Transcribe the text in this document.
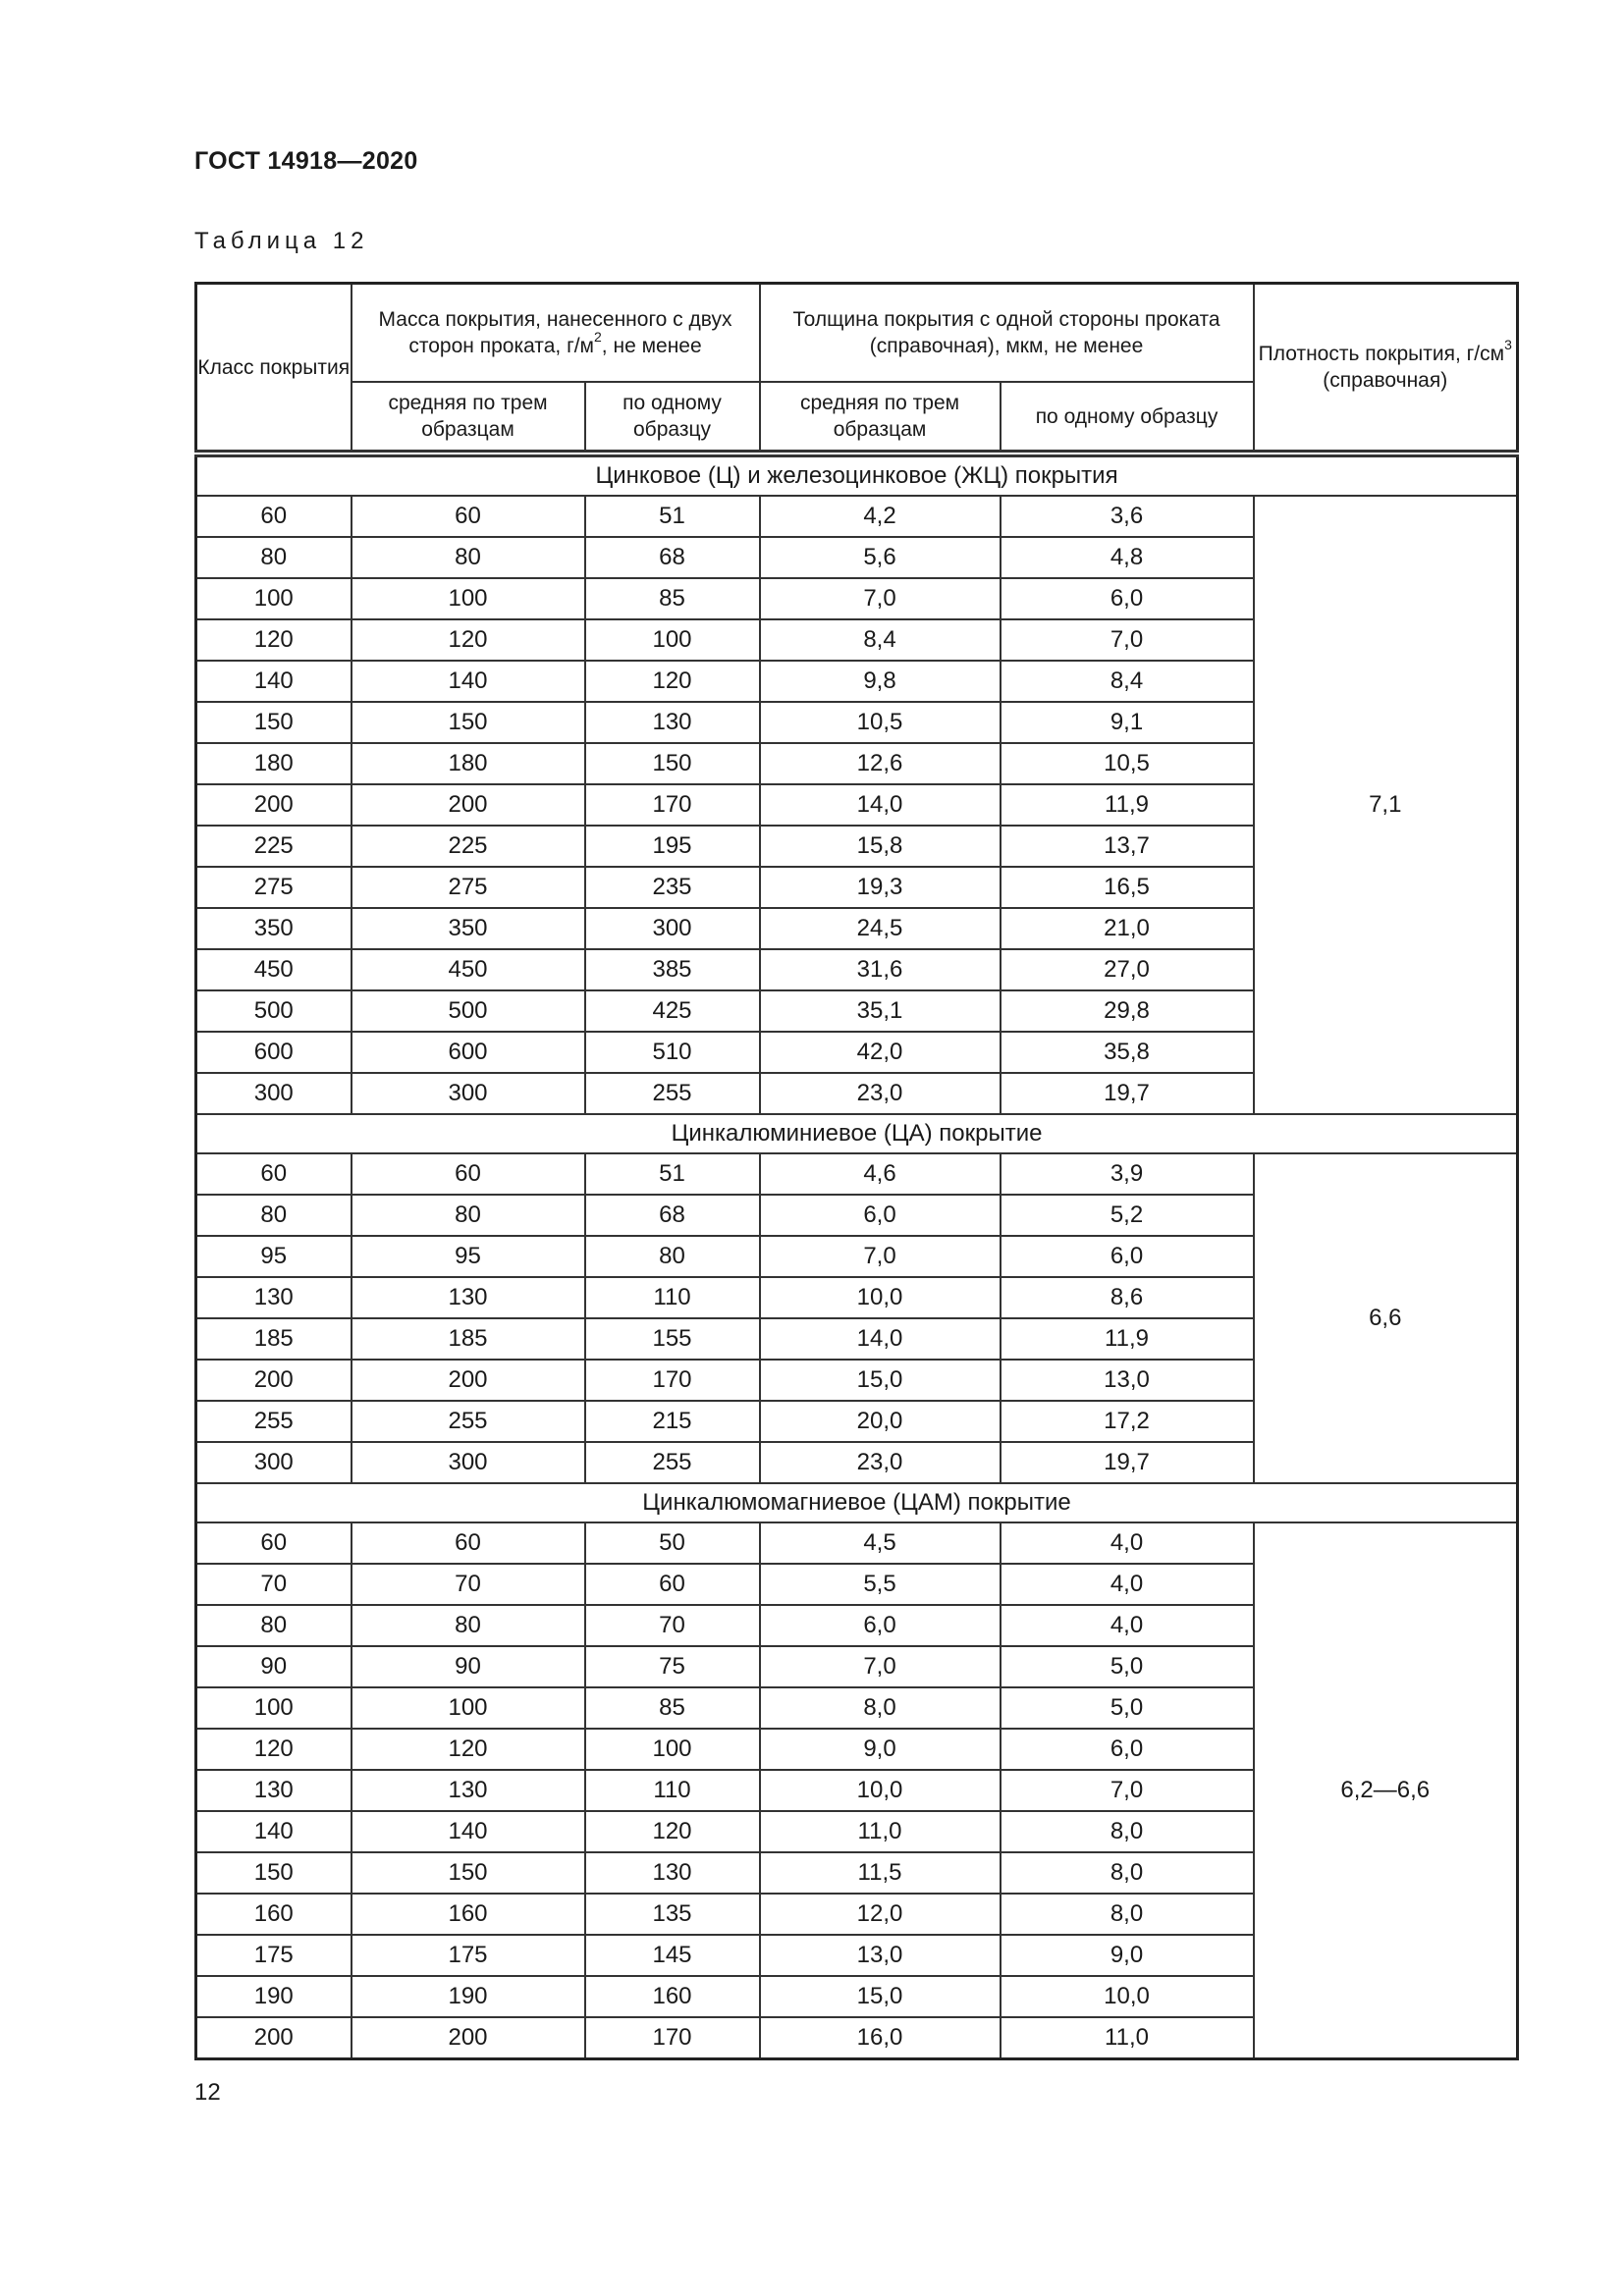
ГОСТ 14918—2020
Таблица 12
Класс покрытия	Масса покрытия, нанесенного с двух сторон проката, $г/м^2$, не менее		Толщина покрытия с одной стороны проката (справочная), мкм, не менее		Плотность покрытия, $г/см^3$
(справочная)
	средняя по трем образцам	по одному образцу	средняя по трем образцам	по одному образцу	
Цинковое (Ц) и железоцинковое (ЖЦ) покрытия					
60	60	51	4,2	3,6	7,1
80	80	68	5,6	4,8	
100	100	85	7,0	6,0	
120	120	100	8,4	7,0	
140	140	120	9,8	8,4	
150	150	130	10,5	9,1	
180	180	150	12,6	10,5	
200	200	170	14,0	11,9	
225	225	195	15,8	13,7	
275	275	235	19,3	16,5	
350	350	300	24,5	21,0	
450	450	385	31,6	27,0	
500	500	425	35,1	29,8	
600	600	510	42,0	35,8	
300	300	255	23,0	19,7	
Цинкалюминиевое (ЦА) покрытие					
60	60	51	4,6	3,9	6,6
80	80	68	6,0	5,2	
95	95	80	7,0	6,0	
130	130	110	10,0	8,6	
185	185	155	14,0	11,9	
200	200	170	15,0	13,0	
255	255	215	20,0	17,2	
300	300	255	23,0	19,7	
Цинкалюмомагниевое (ЦАМ) покрытие					
60	60	50	4,5	4,0	6,2—6,6
70	70	60	5,5	4,0	
80	80	70	6,0	4,0	
90	90	75	7,0	5,0	
100	100	85	8,0	5,0	
120	120	100	9,0	6,0	
130	130	110	10,0	7,0	
140	140	120	11,0	8,0	
150	150	130	11,5	8,0	
160	160	135	12,0	8,0	
175	175	145	13,0	9,0	
190	190	160	15,0	10,0	
200	200	170	16,0	11,0	
12
